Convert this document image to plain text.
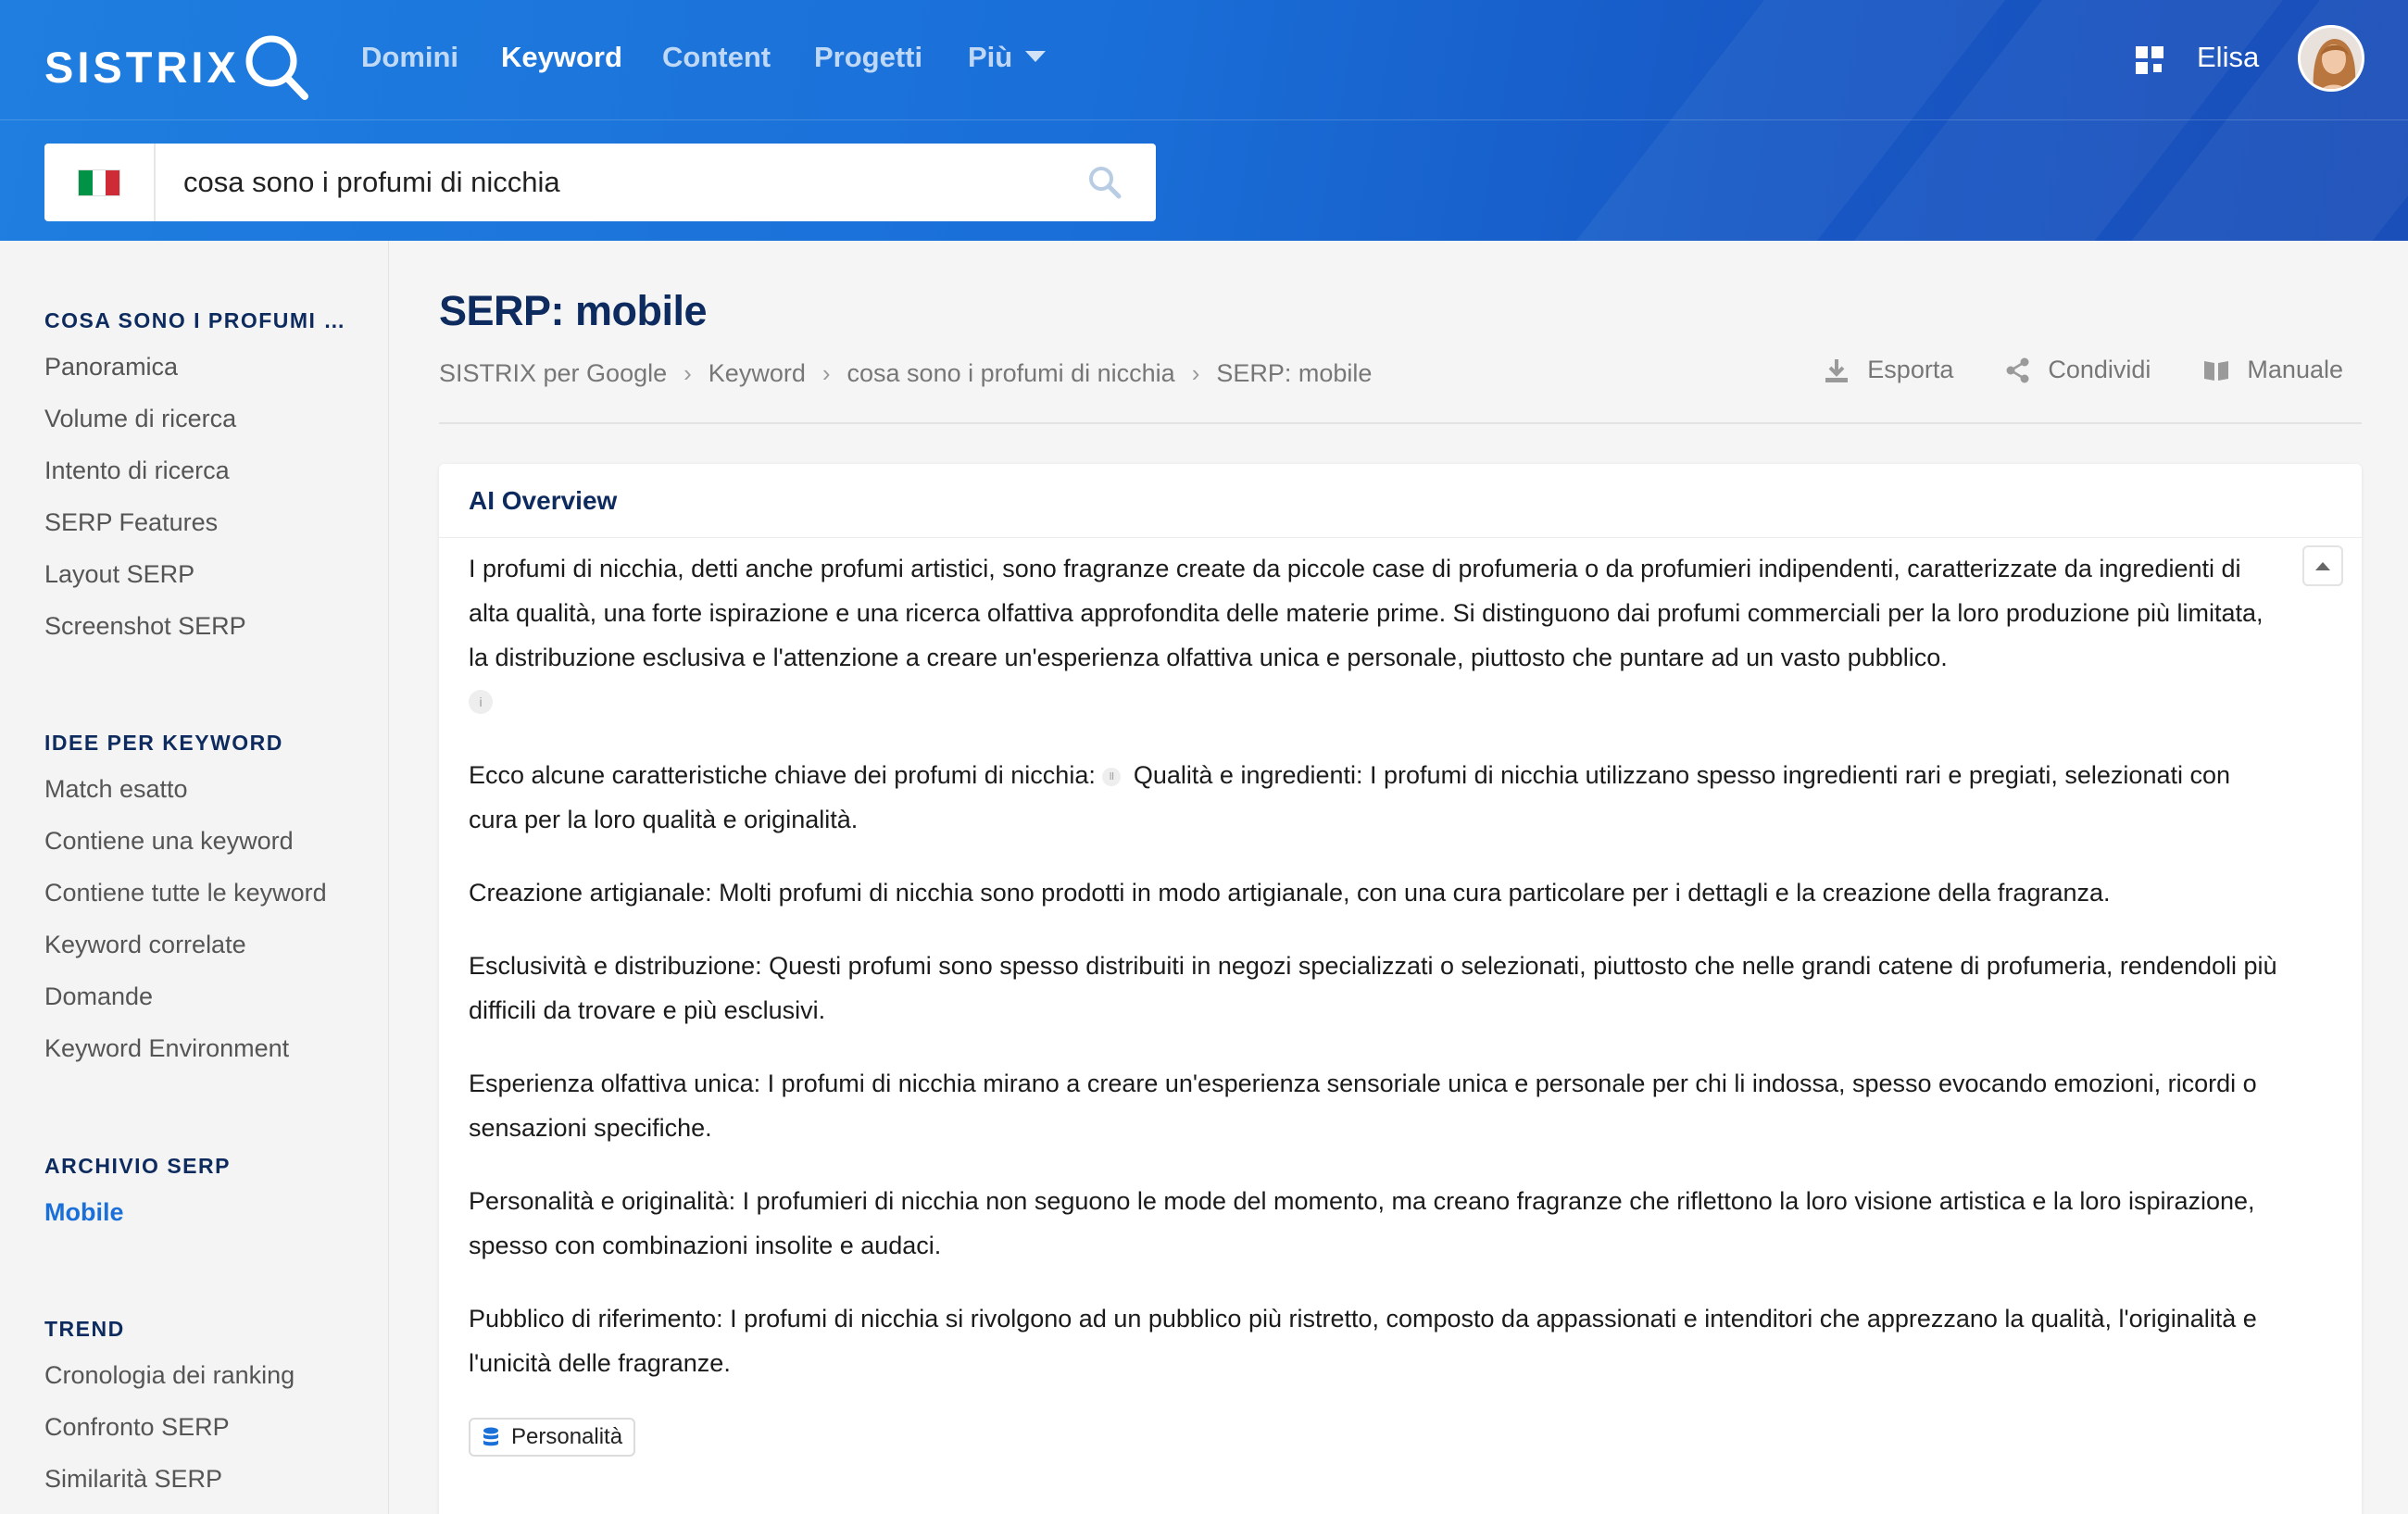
SISTRIX	Domini Keyword Content Progetti Più	Elisa
cosa sono i profumi di nicchia
COSA SONO I PROFUMI …
Panoramica
Volume di ricerca
Intento di ricerca
SERP Features
Layout SERP
Screenshot SERP
IDEE PER KEYWORD
Match esatto
Contiene una keyword
Contiene tutte le keyword
Keyword correlate
Domande
Keyword Environment
ARCHIVIO SERP
Mobile
TREND
Cronologia dei ranking
Confronto SERP
Similarità SERP
SERP: mobile
SISTRIX per Google › Keyword › cosa sono i profumi di nicchia › SERP: mobile	Esporta	Condividi	Manuale
AI Overview

I profumi di nicchia, detti anche profumi artistici, sono fragranze create da piccole case di profumeria o da profumieri indipendenti, caratterizzate da ingredienti di alta qualità, una forte ispirazione e una ricerca olfattiva approfondita delle materie prime. Si distinguono dai profumi commerciali per la loro produzione più limitata, la distribuzione esclusiva e l'attenzione a creare un'esperienza olfattiva unica e personale, piuttosto che puntare ad un vasto pubblico.

i

Ecco alcune caratteristiche chiave dei profumi di nicchia: ll Qualità e ingredienti: I profumi di nicchia utilizzano spesso ingredienti rari e pregiati, selezionati con cura per la loro qualità e originalità.

Creazione artigianale: Molti profumi di nicchia sono prodotti in modo artigianale, con una cura particolare per i dettagli e la creazione della fragranza.

Esclusività e distribuzione: Questi profumi sono spesso distribuiti in negozi specializzati o selezionati, piuttosto che nelle grandi catene di profumeria, rendendoli più difficili da trovare e più esclusivi.

Esperienza olfattiva unica: I profumi di nicchia mirano a creare un'esperienza sensoriale unica e personale per chi li indossa, spesso evocando emozioni, ricordi o sensazioni specifiche.

Personalità e originalità: I profumieri di nicchia non seguono le mode del momento, ma creano fragranze che riflettono la loro visione artistica e la loro ispirazione, spesso con combinazioni insolite e audaci.

Pubblico di riferimento: I profumi di nicchia si rivolgono ad un pubblico più ristretto, composto da appassionati e intenditori che apprezzano la qualità, l'originalità e l'unicità delle fragranze.

Personalità
